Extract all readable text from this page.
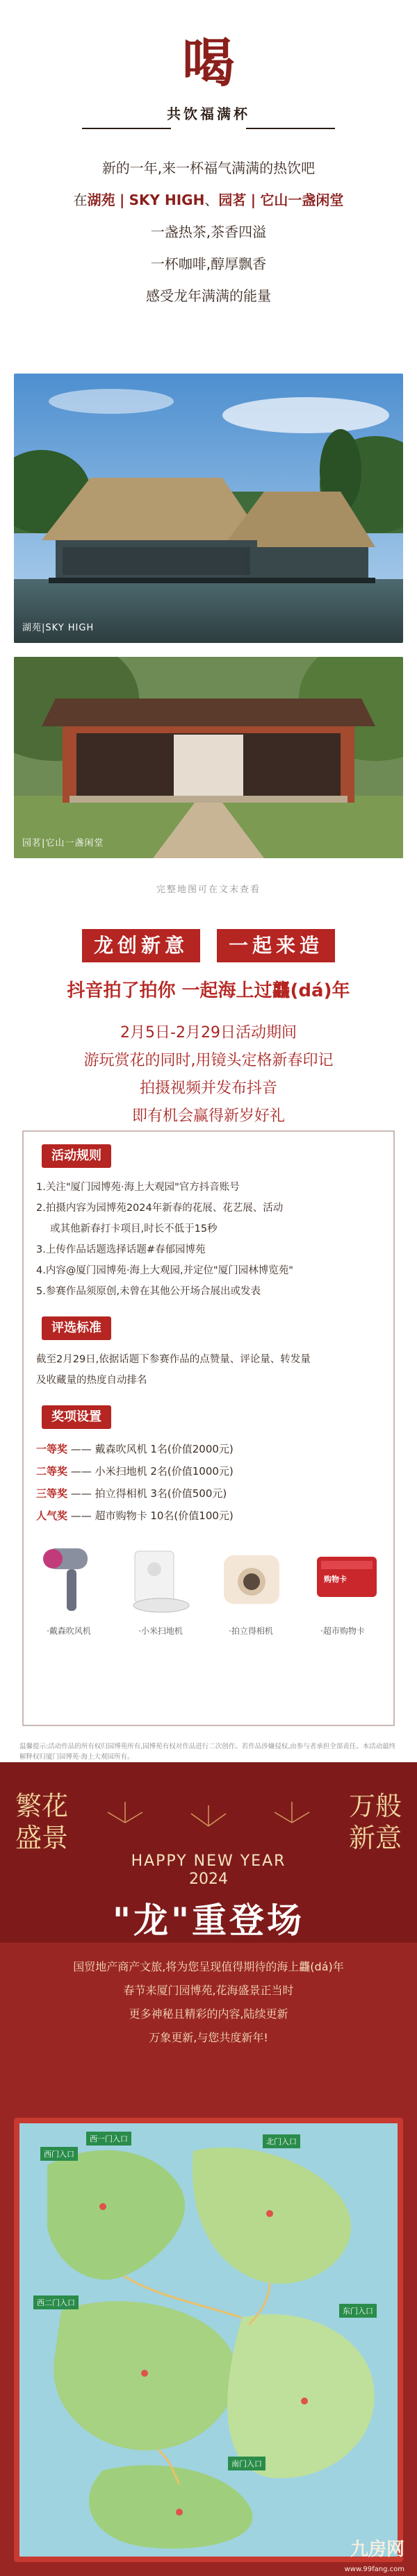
喝
共饮福满杯
新的一年,来一杯福气满满的热饮吧
在湖苑 | SKY HIGH、园茗 | 它山一盏闲堂
一盏热茶,茶香四溢
一杯咖啡,醇厚飘香
感受龙年满满的能量
湖苑|SKY HIGH
园茗|它山一盏闲堂
完整地图可在文末查看
龙创新意	一起来造
抖音拍了拍你 一起海上过龘(dá)年
2月5日-2月29日活动期间
游玩赏花的同时,用镜头定格新春印记
拍摄视频并发布抖音
即有机会赢得新岁好礼
活动规则
1.关注"厦门园博苑·海上大观园"官方抖音账号
2.拍摄内容为园博苑2024年新春的花展、花艺展、活动
或其他新春打卡项目,时长不低于15秒
3.上传作品话题选择话题#春郁园博苑
4.内容@厦门园博苑·海上大观园,并定位"厦门园林博览苑"
5.参赛作品须原创,未曾在其他公开场合展出或发表
评选标准
截至2月29日,依据话题下参赛作品的点赞量、评论量、转发量
及收藏量的热度自动排名
奖项设置
一等奖 —— 戴森吹风机 1名(价值2000元)
二等奖 —— 小米扫地机 2名(价值1000元)
三等奖 —— 拍立得相机 3名(价值500元)
人气奖 —— 超市购物卡 10名(价值100元)
购物卡
·戴森吹风机	·小米扫地机	·拍立得相机	·超市购物卡
温馨提示:活动作品的所有权归园博苑所有,园博苑有权对作品进行二次创作。若作品涉嫌侵权,由参与者承担全部责任。本活动最终解释权归厦门园博苑·海上大观园所有。
繁花
盛景
万般
新意
HAPPY NEW YEAR
2024
"龙"重登场
国贸地产商产文旅,将为您呈现值得期待的海上龘(dá)年
春节来厦门园博苑,花海盛景正当时
更多神秘且精彩的内容,陆续更新
万象更新,与您共度新年!
西门入口
西一门入口	北门入口
西二门入口
东门入口
南门入口
九房网
www.99fang.com
